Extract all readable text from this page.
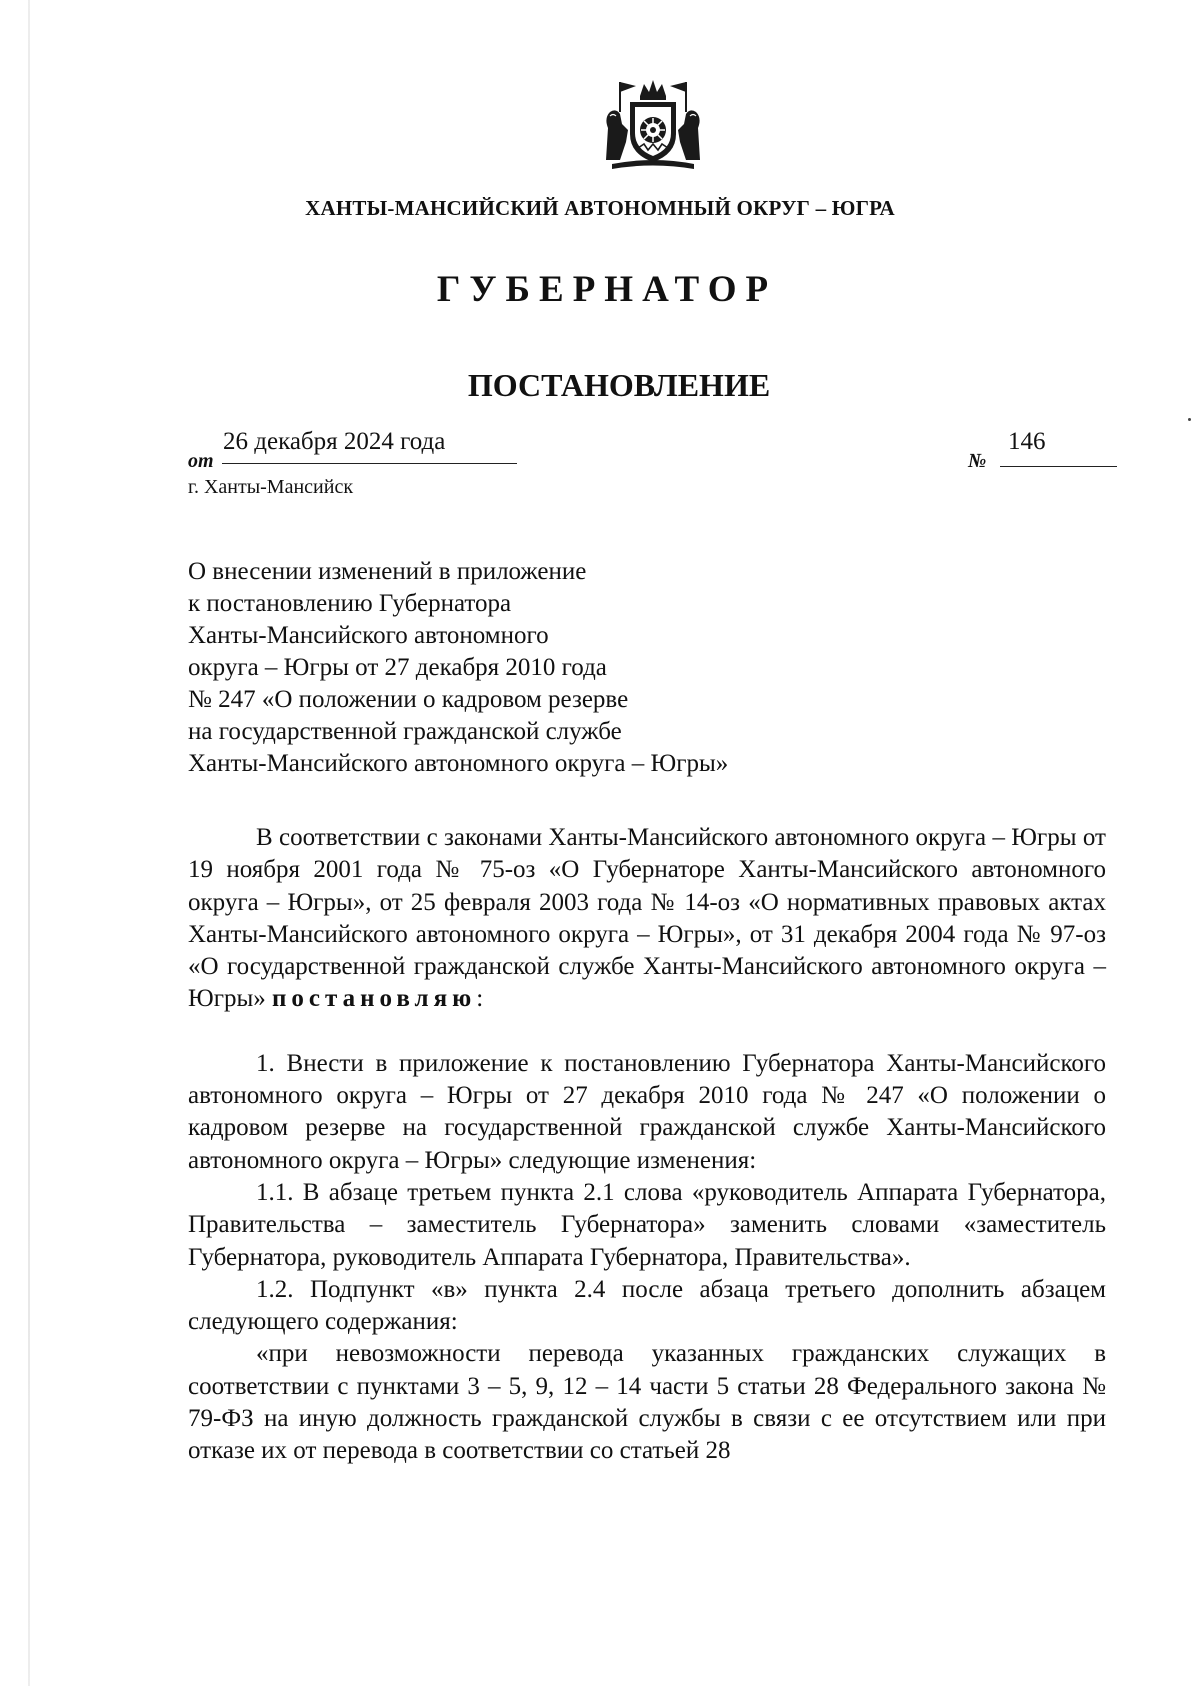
ХАНТЫ-МАНСИЙСКИЙ АВТОНОМНЫЙ ОКРУГ – ЮГРА
ГУБЕРНАТОР
ПОСТАНОВЛЕНИЕ
от
26 декабря 2024 года
№
146
г. Ханты-Мансийск
О внесении изменений в приложение
к постановлению Губернатора
Ханты-Мансийского автономного
округа – Югры от 27 декабря 2010 года
№ 247 «О положении о кадровом резерве
на государственной гражданской службе
Ханты-Мансийского автономного округа – Югры»

В соответствии с законами Ханты-Мансийского автономного округа – Югры от 19 ноября 2001 года № 75-оз «О Губернаторе Ханты-Мансийского автономного округа – Югры», от 25 февраля 2003 года № 14-оз «О нормативных правовых актах Ханты-Мансийского автономного округа – Югры», от 31 декабря 2004 года № 97-оз «О государственной гражданской службе Ханты-Мансийского автономного округа – Югры» постановляю:

1. Внести в приложение к постановлению Губернатора Ханты-Мансийского автономного округа – Югры от 27 декабря 2010 года № 247 «О положении о кадровом резерве на государственной гражданской службе Ханты-Мансийского автономного округа – Югры» следующие изменения:

1.1. В абзаце третьем пункта 2.1 слова «руководитель Аппарата Губернатора, Правительства – заместитель Губернатора» заменить словами «заместитель Губернатора, руководитель Аппарата Губернатора, Правительства».

1.2. Подпункт «в» пункта 2.4 после абзаца третьего дополнить абзацем следующего содержания:

«при невозможности перевода указанных гражданских служащих в соответствии с пунктами 3 – 5, 9, 12 – 14 части 5 статьи 28 Федерального закона № 79-ФЗ на иную должность гражданской службы в связи с ее отсутствием или при отказе их от перевода в соответствии со статьей 28
